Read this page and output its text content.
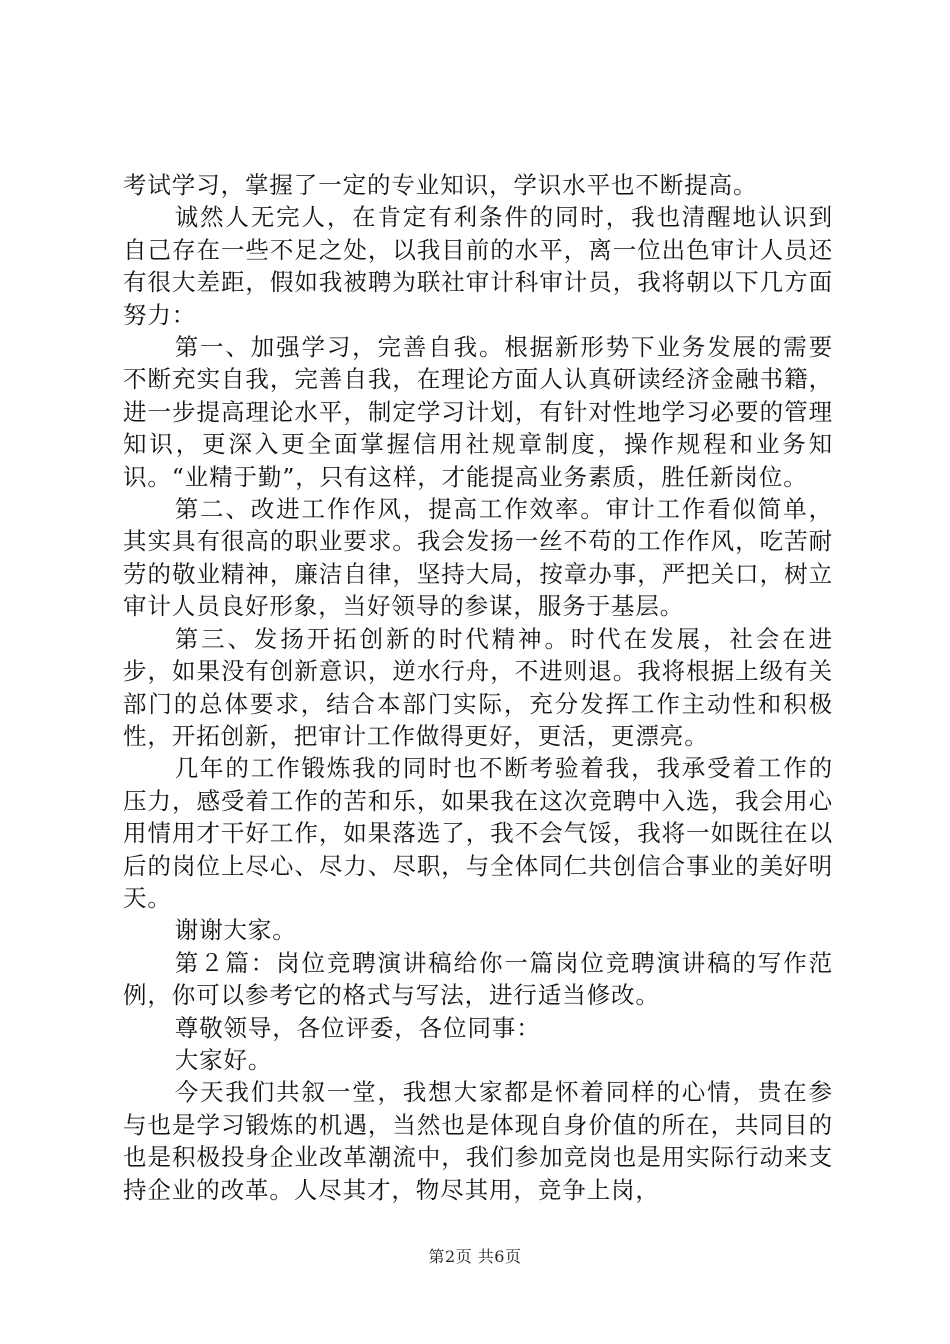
考试学习，掌握了一定的专业知识，学识水平也不断提高。

诚然人无完人，在肯定有利条件的同时，我也清醒地认识到自己存在一些不足之处，以我目前的水平，离一位出色审计人员还有很大差距，假如我被聘为联社审计科审计员，我将朝以下几方面努力：

第一、加强学习，完善自我。根据新形势下业务发展的需要不断充实自我，完善自我，在理论方面人认真研读经济金融书籍，进一步提高理论水平，制定学习计划，有针对性地学习必要的管理知识，更深入更全面掌握信用社规章制度，操作规程和业务知识。“业精于勤”，只有这样，才能提高业务素质，胜任新岗位。

第二、改进工作作风，提高工作效率。审计工作看似简单，其实具有很高的职业要求。我会发扬一丝不苟的工作作风，吃苦耐劳的敬业精神，廉洁自律，坚持大局，按章办事，严把关口，树立审计人员良好形象，当好领导的参谋，服务于基层。

第三、发扬开拓创新的时代精神。时代在发展，社会在进步，如果没有创新意识，逆水行舟，不进则退。我将根据上级有关部门的总体要求，结合本部门实际，充分发挥工作主动性和积极性，开拓创新，把审计工作做得更好，更活，更漂亮。

几年的工作锻炼我的同时也不断考验着我，我承受着工作的压力，感受着工作的苦和乐，如果我在这次竞聘中入选，我会用心用情用才干好工作，如果落选了，我不会气馁，我将一如既往在以后的岗位上尽心、尽力、尽职，与全体同仁共创信合事业的美好明天。

谢谢大家。

第２篇：岗位竞聘演讲稿给你一篇岗位竞聘演讲稿的写作范例，你可以参考它的格式与写法，进行适当修改。

尊敬领导，各位评委，各位同事：

大家好。

今天我们共叙一堂，我想大家都是怀着同样的心情，贵在参与也是学习锻炼的机遇，当然也是体现自身价值的所在，共同目的也是积极投身企业改革潮流中，我们参加竞岗也是用实际行动来支持企业的改革。人尽其才，物尽其用，竞争上岗，

第2页 共6页
